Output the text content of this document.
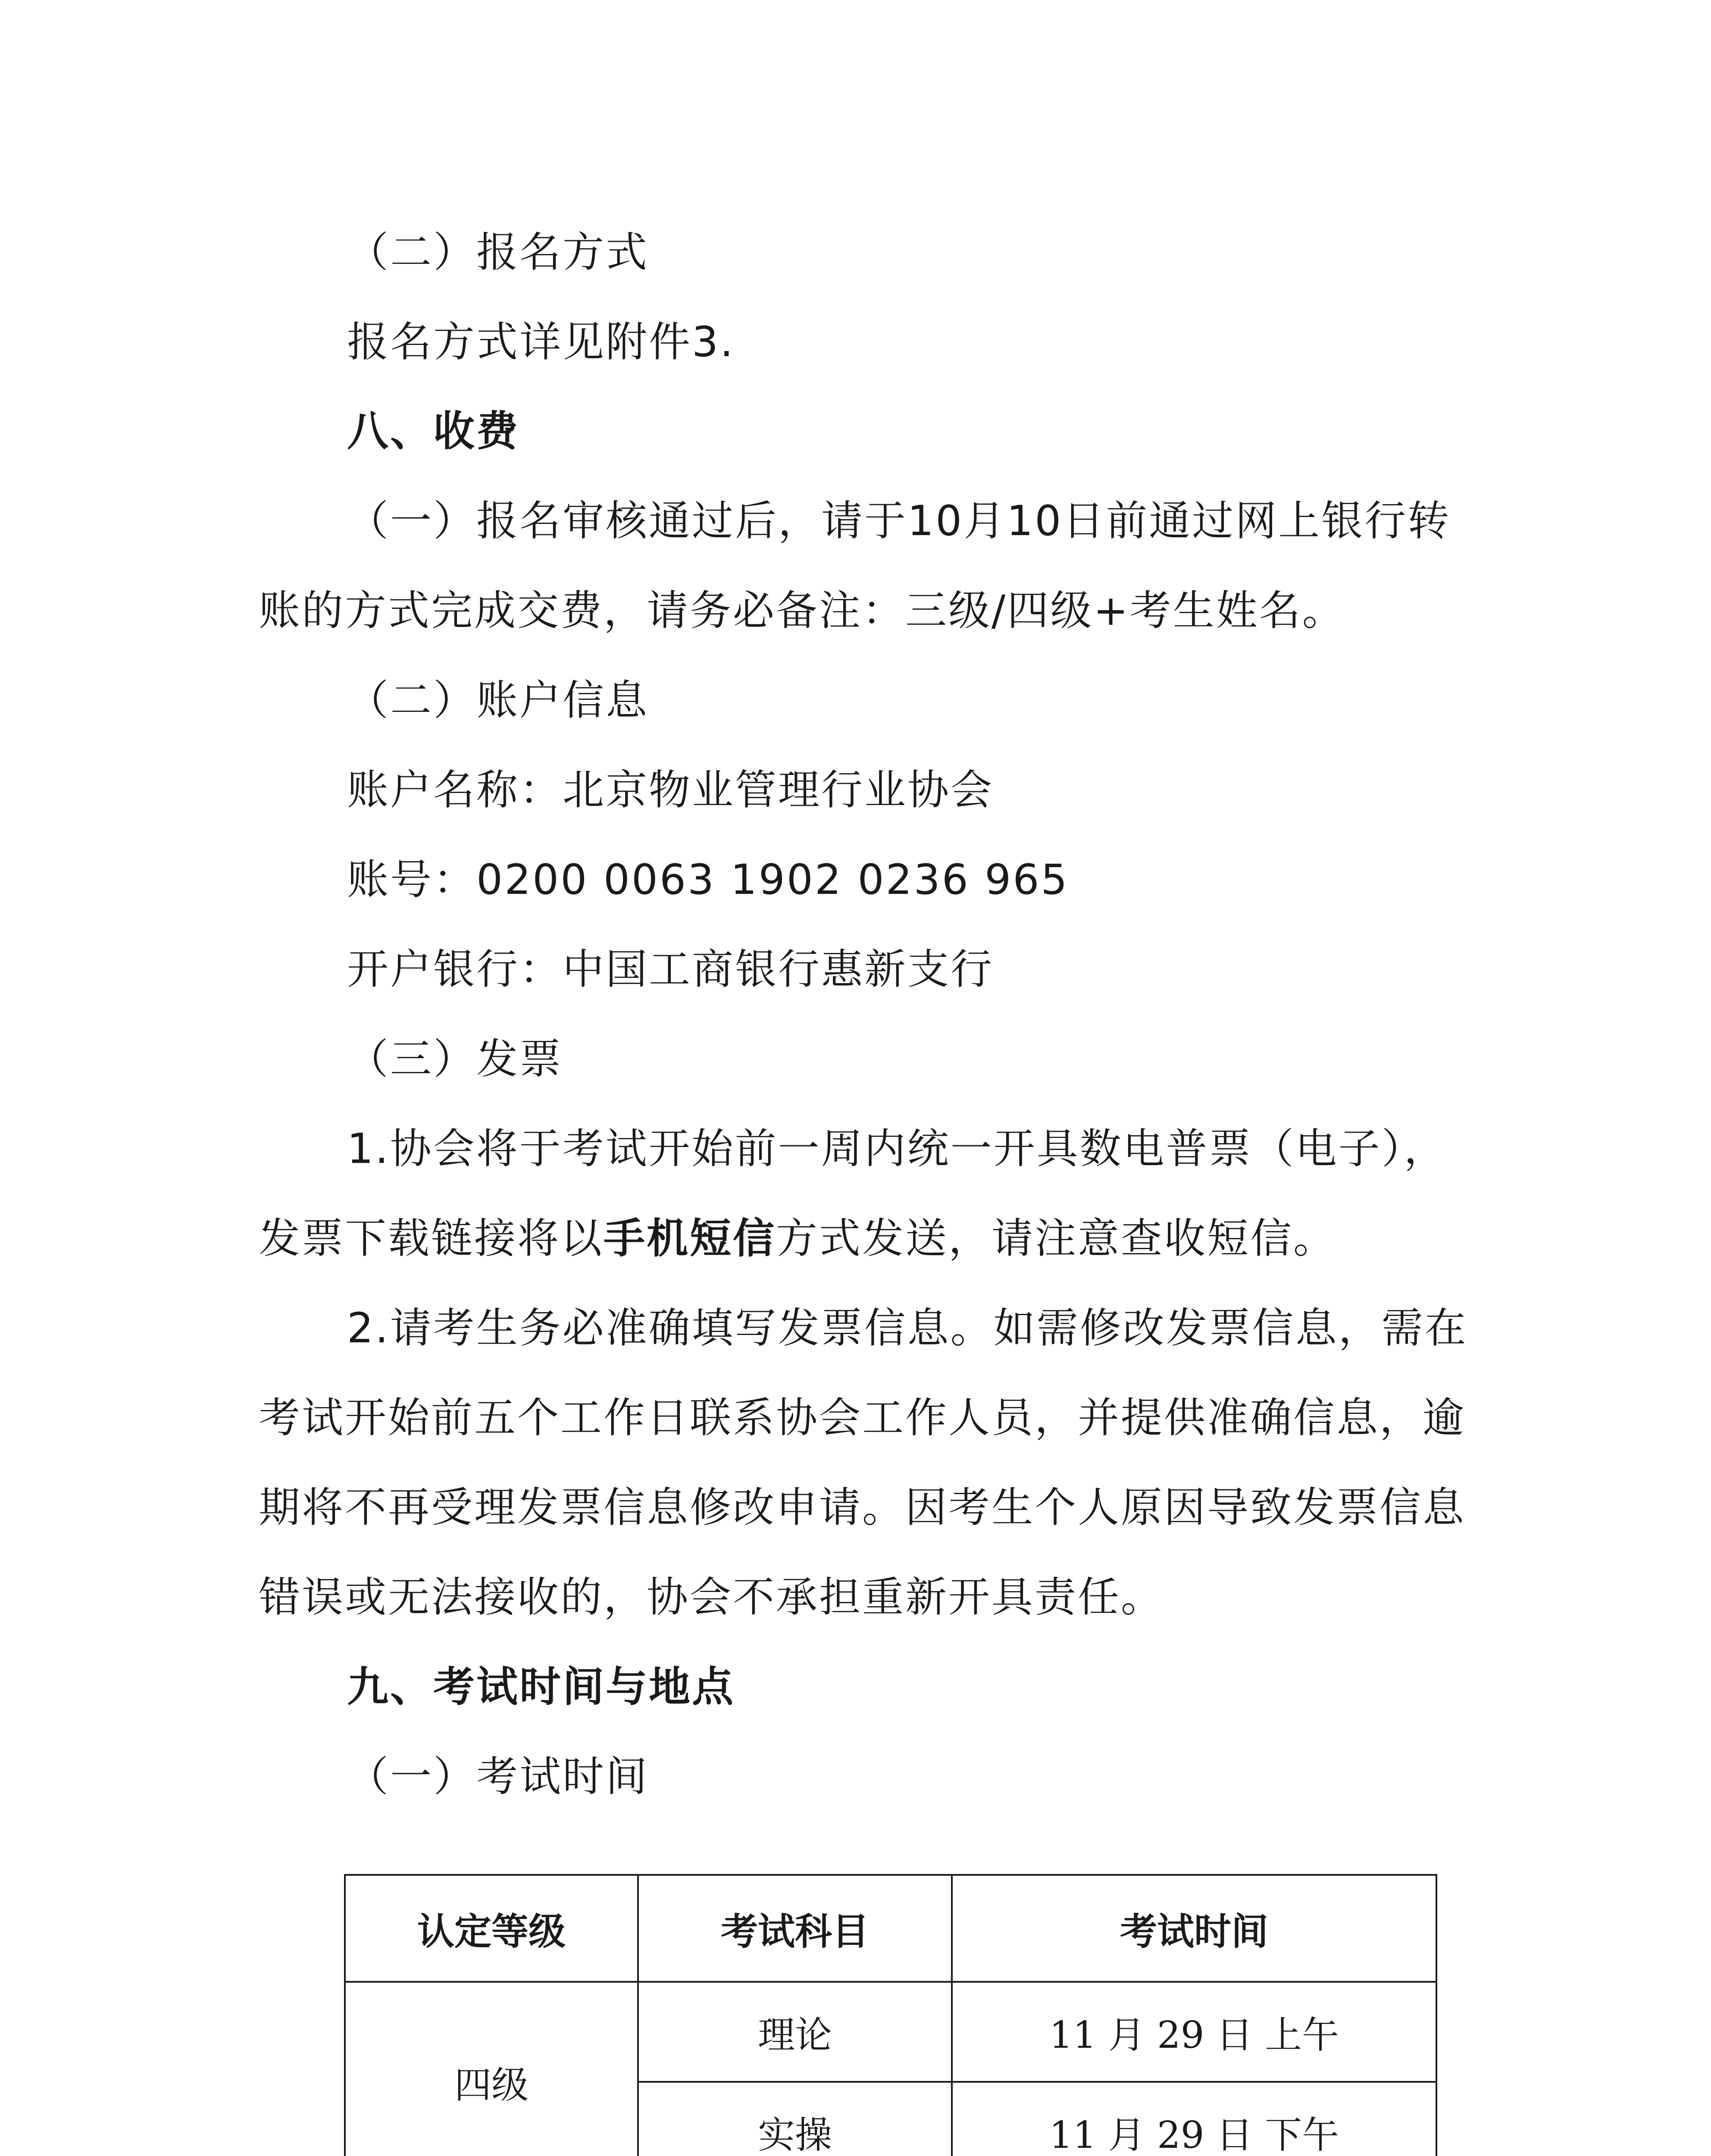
（二）报名方式
报名方式详见附件3.
八、收费
（一）报名审核通过后，请于10月10日前通过网上银行转
账的方式完成交费，请务必备注：三级/四级+考生姓名。
（二）账户信息
账户名称：北京物业管理行业协会
账号：0200 0063 1902 0236 965
开户银行：中国工商银行惠新支行
（三）发票
1.协会将于考试开始前一周内统一开具数电普票（电子），
发票下载链接将以手机短信方式发送，请注意查收短信。
2.请考生务必准确填写发票信息。如需修改发票信息，需在
考试开始前五个工作日联系协会工作人员，并提供准确信息，逾
期将不再受理发票信息修改申请。因考生个人原因导致发票信息
错误或无法接收的，协会不承担重新开具责任。
九、考试时间与地点
（一）考试时间
认定等级	考试科目	考试时间
四级	理论	11 月 29 日 上午
	实操	11 月 29 日 下午
